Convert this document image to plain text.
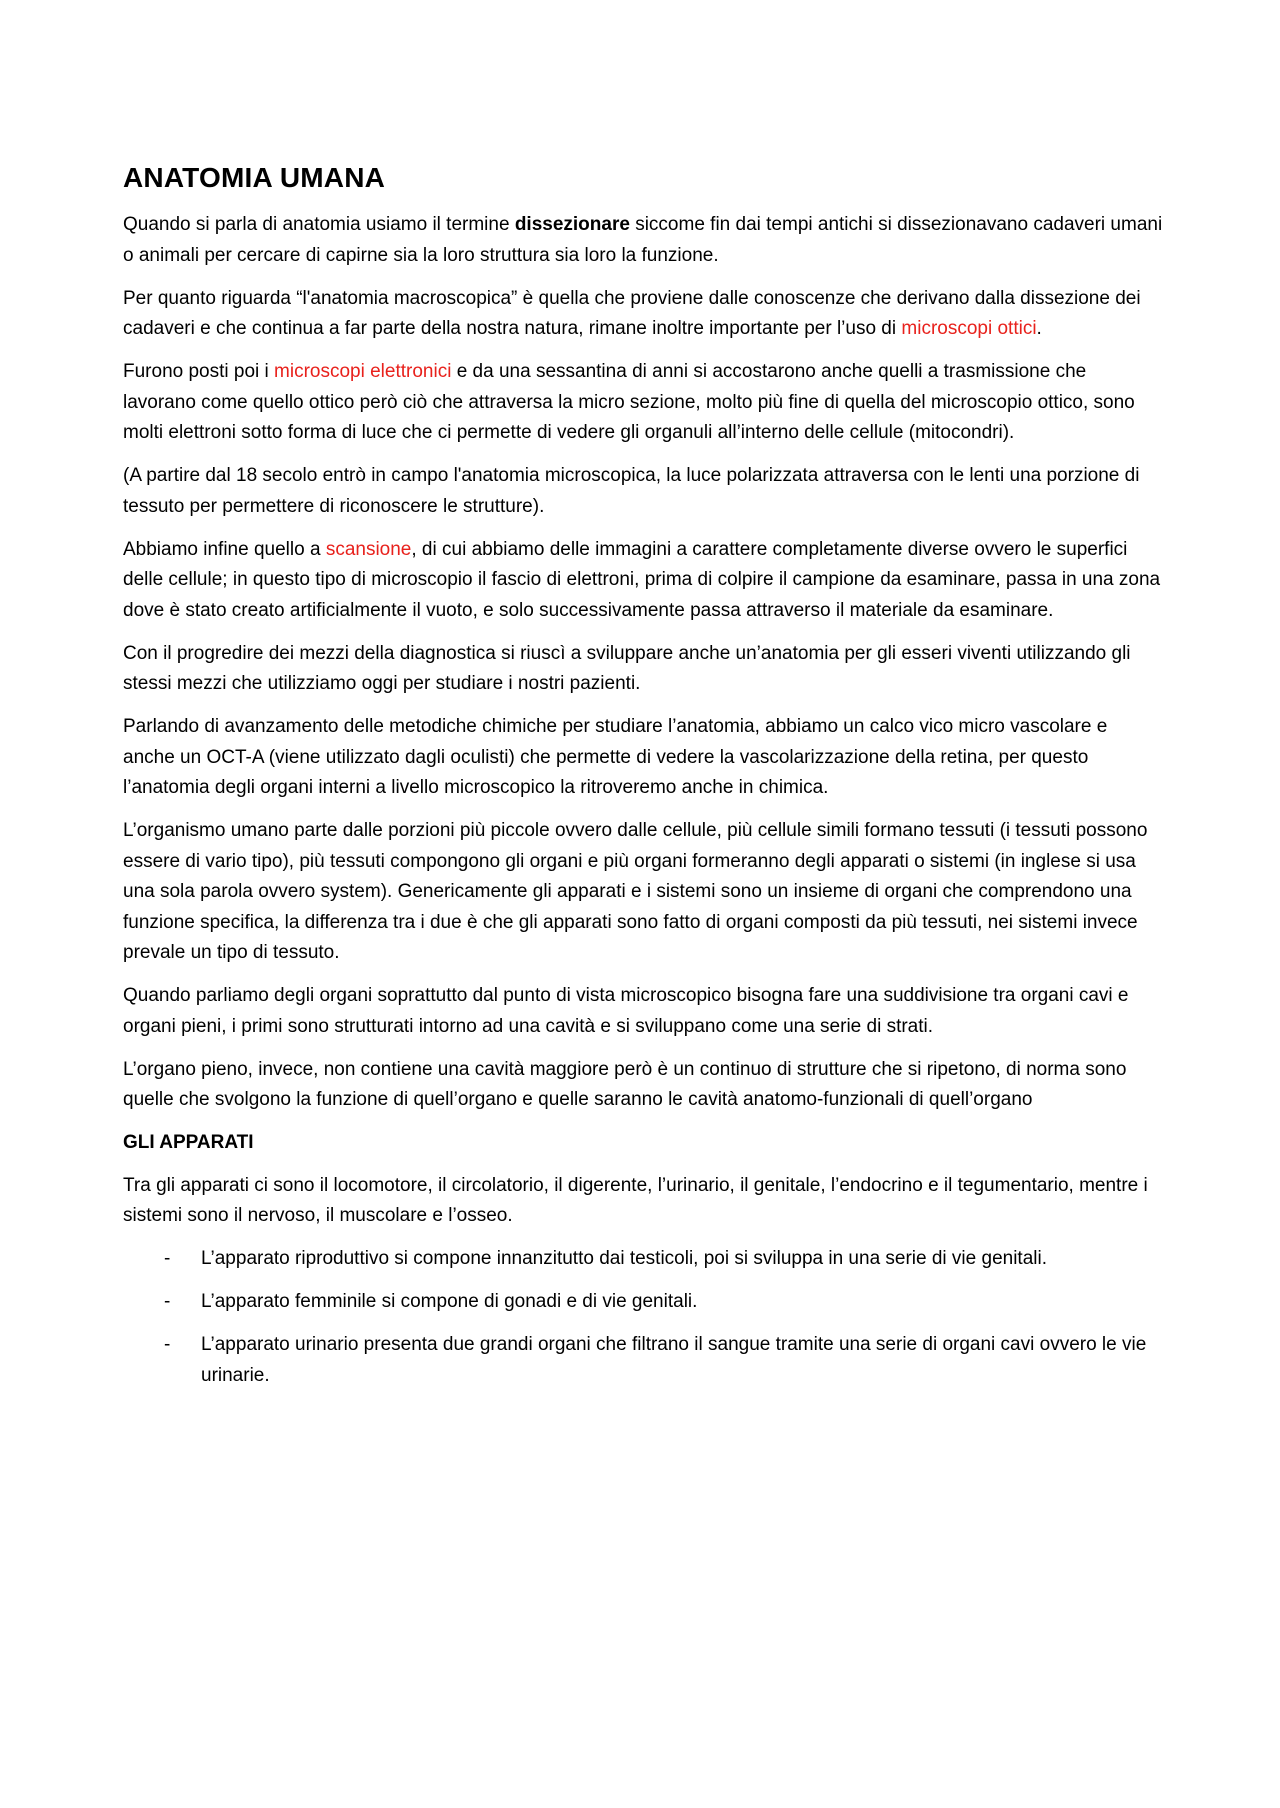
ANATOMIA UMANA

Quando si parla di anatomia usiamo il termine dissezionare siccome fin dai tempi antichi si dissezionavano cadaveri umani o animali per cercare di capirne sia la loro struttura sia loro la funzione.

Per quanto riguarda “l'anatomia macroscopica” è quella che proviene dalle conoscenze che derivano dalla dissezione dei cadaveri e che continua a far parte della nostra natura, rimane inoltre importante per l’uso di microscopi ottici.

Furono posti poi i microscopi elettronici e da una sessantina di anni si accostarono anche quelli a trasmissione che lavorano come quello ottico però ciò che attraversa la micro sezione, molto più fine di quella del microscopio ottico, sono molti elettroni sotto forma di luce che ci permette di vedere gli organuli all’interno delle cellule (mitocondri).

(A partire dal 18 secolo entrò in campo l'anatomia microscopica, la luce polarizzata attraversa con le lenti una porzione di tessuto per permettere di riconoscere le strutture).

Abbiamo infine quello a scansione, di cui abbiamo delle immagini a carattere completamente diverse ovvero le superfici delle cellule; in questo tipo di microscopio il fascio di elettroni, prima di colpire il campione da esaminare, passa in una zona dove è stato creato artificialmente il vuoto, e solo successivamente passa attraverso il materiale da esaminare.

Con il progredire dei mezzi della diagnostica si riuscì a sviluppare anche un’anatomia per gli esseri viventi utilizzando gli stessi mezzi che utilizziamo oggi per studiare i nostri pazienti.

Parlando di avanzamento delle metodiche chimiche per studiare l’anatomia, abbiamo un calco vico micro vascolare e anche un OCT-A (viene utilizzato dagli oculisti) che permette di vedere la vascolarizzazione della retina, per questo l’anatomia degli organi interni a livello microscopico la ritroveremo anche in chimica.

L’organismo umano parte dalle porzioni più piccole ovvero dalle cellule, più cellule simili formano tessuti (i tessuti possono essere di vario tipo), più tessuti compongono gli organi e più organi formeranno degli apparati o sistemi (in inglese si usa una sola parola ovvero system). Genericamente gli apparati e i sistemi sono un insieme di organi che comprendono una funzione specifica, la differenza tra i due è che gli apparati sono fatto di organi composti da più tessuti, nei sistemi invece prevale un tipo di tessuto.

Quando parliamo degli organi soprattutto dal punto di vista microscopico bisogna fare una suddivisione tra organi cavi e organi pieni, i primi sono strutturati intorno ad una cavità e si sviluppano come una serie di strati.

L’organo pieno, invece, non contiene una cavità maggiore però è un continuo di strutture che si ripetono, di norma sono quelle che svolgono la funzione di quell’organo e quelle saranno le cavità anatomo-funzionali di quell’organo

GLI APPARATI

Tra gli apparati ci sono il locomotore, il circolatorio, il digerente, l’urinario, il genitale, l’endocrino e il tegumentario, mentre i sistemi sono il nervoso, il muscolare e l’osseo.

- L’apparato riproduttivo si compone innanzitutto dai testicoli, poi si sviluppa in una serie di vie genitali.
- L’apparato femminile si compone di gonadi e di vie genitali.
- L’apparato urinario presenta due grandi organi che filtrano il sangue tramite una serie di organi cavi ovvero le vie urinarie.
